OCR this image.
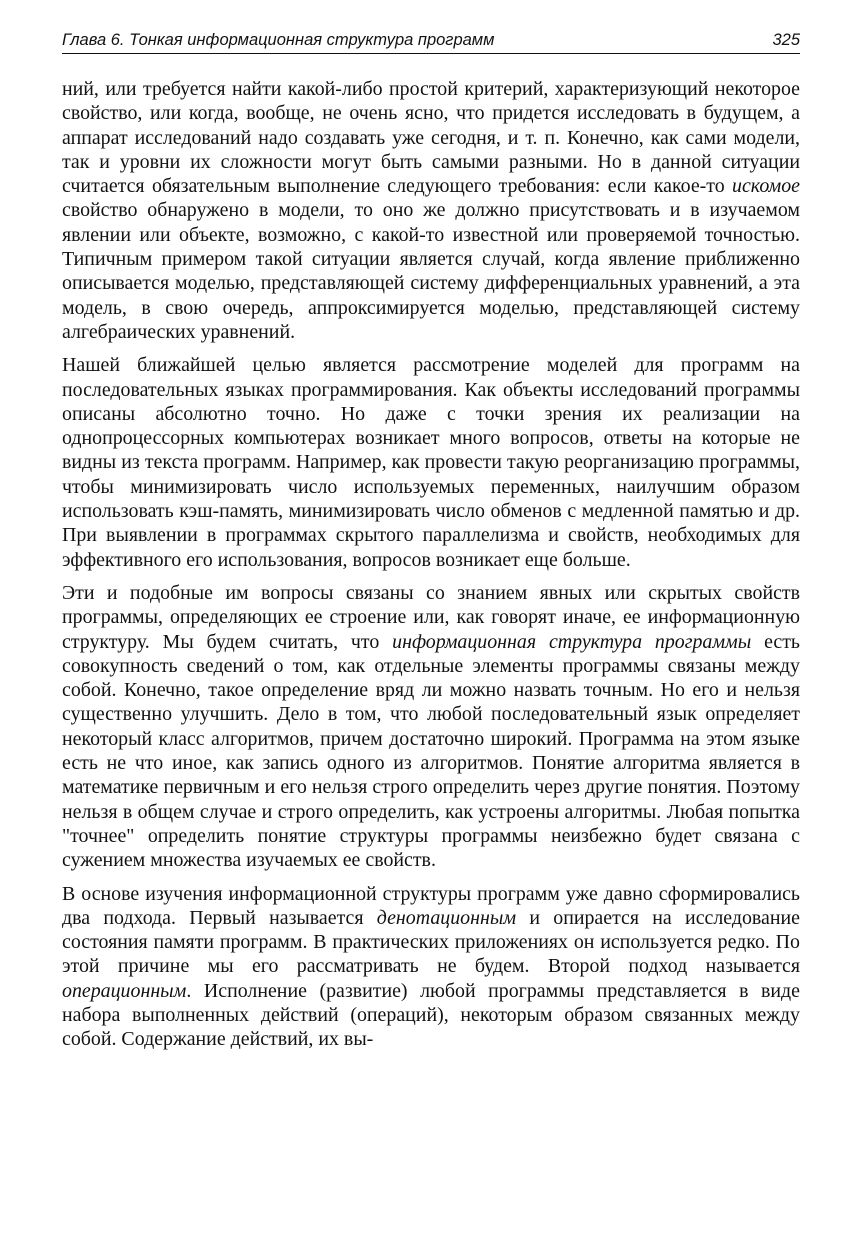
Глава 6. Тонкая информационная структура программ	325

ний, или требуется найти какой-либо простой критерий, характеризующий некоторое свойство, или когда, вообще, не очень ясно, что придется исследовать в будущем, а аппарат исследований надо создавать уже сегодня, и т. п. Конечно, как сами модели, так и уровни их сложности могут быть самыми разными. Но в данной ситуации считается обязательным выполнение следующего требования: если какое-то искомое свойство обнаружено в модели, то оно же должно присутствовать и в изучаемом явлении или объекте, возможно, с какой-то известной или проверяемой точностью. Типичным примером такой ситуации является случай, когда явление приближенно описывается моделью, представляющей систему дифференциальных уравнений, а эта модель, в свою очередь, аппроксимируется моделью, представляющей систему алгебраических уравнений.

Нашей ближайшей целью является рассмотрение моделей для программ на последовательных языках программирования. Как объекты исследований программы описаны абсолютно точно. Но даже с точки зрения их реализации на однопроцессорных компьютерах возникает много вопросов, ответы на которые не видны из текста программ. Например, как провести такую реорганизацию программы, чтобы минимизировать число используемых переменных, наилучшим образом использовать кэш-память, минимизировать число обменов с медленной памятью и др. При выявлении в программах скрытого параллелизма и свойств, необходимых для эффективного его использования, вопросов возникает еще больше.

Эти и подобные им вопросы связаны со знанием явных или скрытых свойств программы, определяющих ее строение или, как говорят иначе, ее информационную структуру. Мы будем считать, что информационная структура программы есть совокупность сведений о том, как отдельные элементы программы связаны между собой. Конечно, такое определение вряд ли можно назвать точным. Но его и нельзя существенно улучшить. Дело в том, что любой последовательный язык определяет некоторый класс алгоритмов, причем достаточно широкий. Программа на этом языке есть не что иное, как запись одного из алгоритмов. Понятие алгоритма является в математике первичным и его нельзя строго определить через другие понятия. Поэтому нельзя в общем случае и строго определить, как устроены алгоритмы. Любая попытка "точнее" определить понятие структуры программы неизбежно будет связана с сужением множества изучаемых ее свойств.

В основе изучения информационной структуры программ уже давно сформировались два подхода. Первый называется денотационным и опирается на исследование состояния памяти программ. В практических приложениях он используется редко. По этой причине мы его рассматривать не будем. Второй подход называется операционным. Исполнение (развитие) любой программы представляется в виде набора выполненных действий (операций), некоторым образом связанных между собой. Содержание действий, их вы-
